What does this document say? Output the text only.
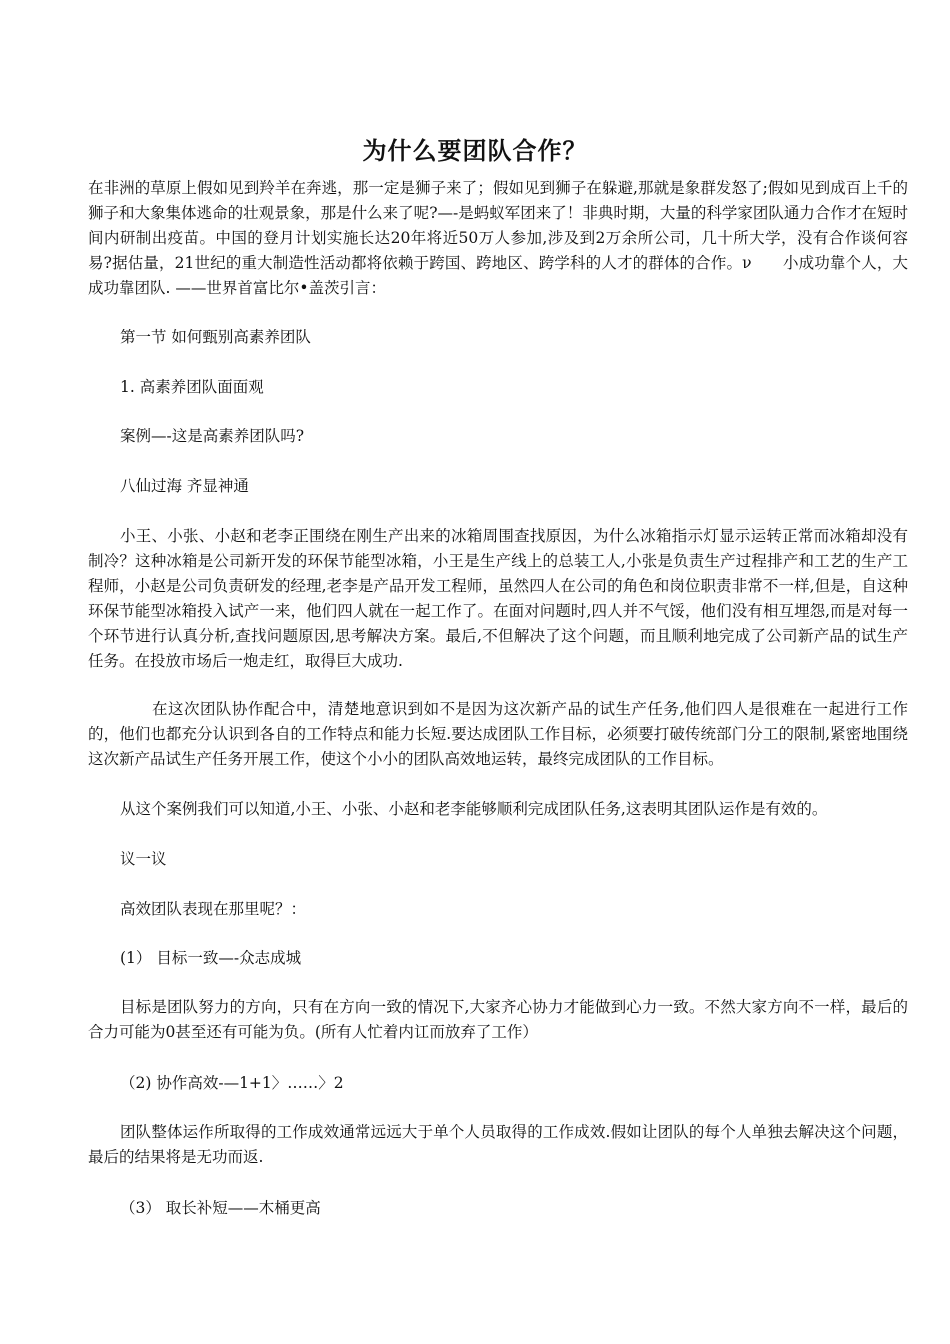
为什么要团队合作？

在非洲的草原上假如见到羚羊在奔逃，那一定是狮子来了；假如见到狮子在躲避,那就是象群发怒了;假如见到成百上千的狮子和大象集体逃命的壮观景象，那是什么来了呢?—-是蚂蚁军团来了！非典时期，大量的科学家团队通力合作才在短时间内研制出疫苗。中国的登月计划实施长达20年将近50万人参加,涉及到2万余所公司，几十所大学，没有合作谈何容易?据估量，21世纪的重大制造性活动都将依赖于跨国、跨地区、跨学科的人才的群体的合作。ν　　小成功靠个人，大成功靠团队. ——世界首富比尔•盖茨引言：

第一节 如何甄别高素养团队

1. 高素养团队面面观

案例—-这是高素养团队吗?

八仙过海 齐显神通

小王、小张、小赵和老李正围绕在刚生产出来的冰箱周围查找原因，为什么冰箱指示灯显示运转正常而冰箱却没有制冷？这种冰箱是公司新开发的环保节能型冰箱，小王是生产线上的总装工人,小张是负责生产过程排产和工艺的生产工程师，小赵是公司负责研发的经理,老李是产品开发工程师，虽然四人在公司的角色和岗位职责非常不一样,但是，自这种环保节能型冰箱投入试产一来，他们四人就在一起工作了。在面对问题时,四人并不气馁，他们没有相互埋怨,而是对每一个环节进行认真分析,查找问题原因,思考解决方案。最后,不但解决了这个问题，而且顺利地完成了公司新产品的试生产任务。在投放市场后一炮走红，取得巨大成功.

在这次团队协作配合中，清楚地意识到如不是因为这次新产品的试生产任务,他们四人是很难在一起进行工作的，他们也都充分认识到各自的工作特点和能力长短.要达成团队工作目标，必须要打破传统部门分工的限制,紧密地围绕这次新产品试生产任务开展工作，使这个小小的团队高效地运转，最终完成团队的工作目标。

从这个案例我们可以知道,小王、小张、小赵和老李能够顺利完成团队任务,这表明其团队运作是有效的。

议一议

高效团队表现在那里呢？：

(1） 目标一致—-众志成城

目标是团队努力的方向，只有在方向一致的情况下,大家齐心协力才能做到心力一致。不然大家方向不一样，最后的合力可能为0甚至还有可能为负。(所有人忙着内讧而放弃了工作）

（2) 协作高效-—1+1〉……〉2

团队整体运作所取得的工作成效通常远远大于单个人员取得的工作成效.假如让团队的每个人单独去解决这个问题，最后的结果将是无功而返.

（3） 取长补短——木桶更高
